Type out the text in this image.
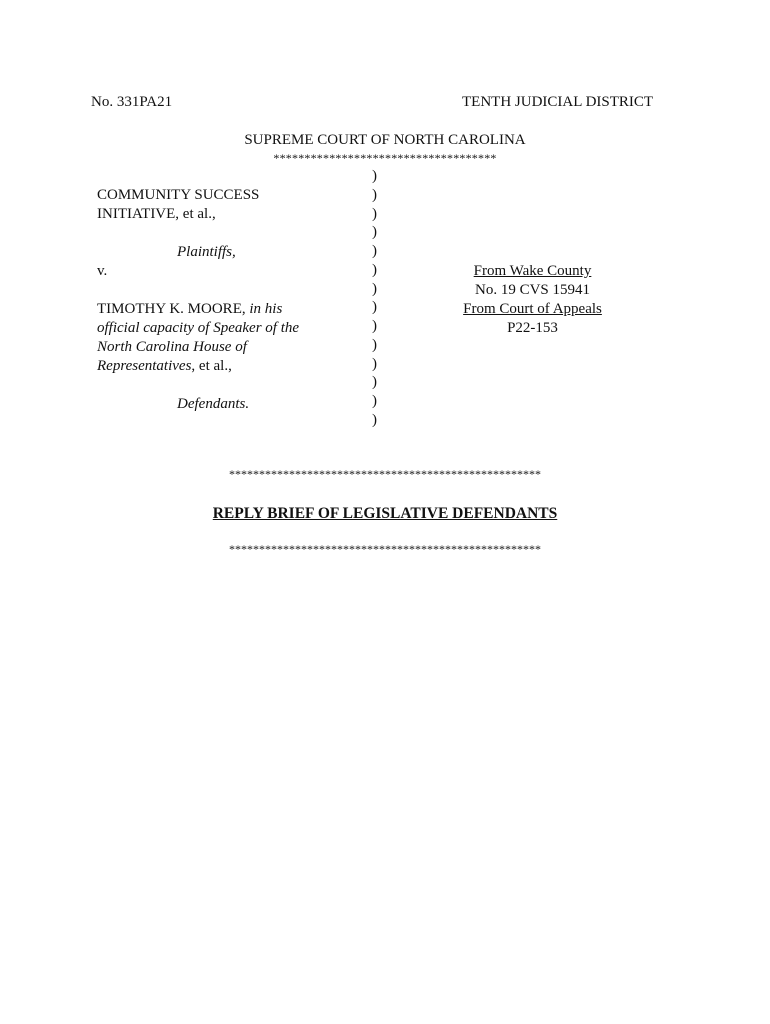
No. 331PA21	TENTH JUDICIAL DISTRICT
SUPREME COURT OF NORTH CAROLINA
************************************
COMMUNITY SUCCESS
INITIATIVE, et al.,
Plaintiffs,
v.
TIMOTHY K. MOORE, in his
official capacity of Speaker of the
North Carolina House of
Representatives, et al.,
Defendants.
)
)
)
)
)
)
)
)
)
)
)
)
)
)
From Wake County
No. 19 CVS 15941
From Court of Appeals
P22-153
****************************************************
REPLY BRIEF OF LEGISLATIVE DEFENDANTS
****************************************************
